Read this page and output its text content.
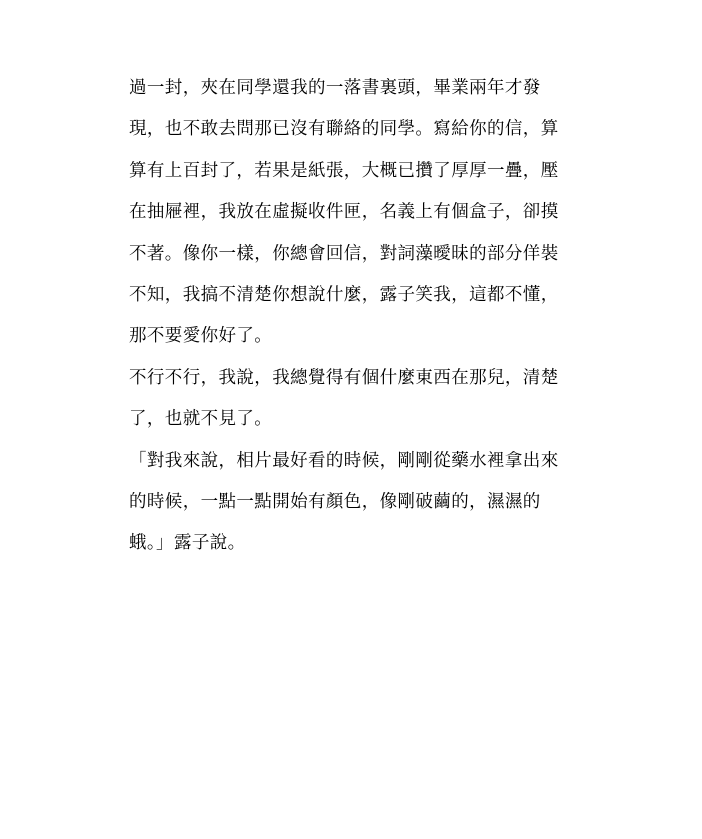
過一封，夾在同學還我的一落書裏頭，畢業兩年才發
現，也不敢去問那已沒有聯絡的同學。寫給你的信，算
算有上百封了，若果是紙張，大概已攢了厚厚一疊，壓
在抽屜裡，我放在虛擬收件匣，名義上有個盒子，卻摸
不著。像你一樣，你總會回信，對詞藻曖昧的部分佯裝
不知，我搞不清楚你想說什麼，露子笑我，這都不懂，
那不要愛你好了。
不行不行，我說，我總覺得有個什麼東西在那兒，清楚
了，也就不見了。
「對我來說，相片最好看的時候，剛剛從藥水裡拿出來
的時候，一點一點開始有顏色，像剛破繭的，濕濕的
蛾。」露子說。
